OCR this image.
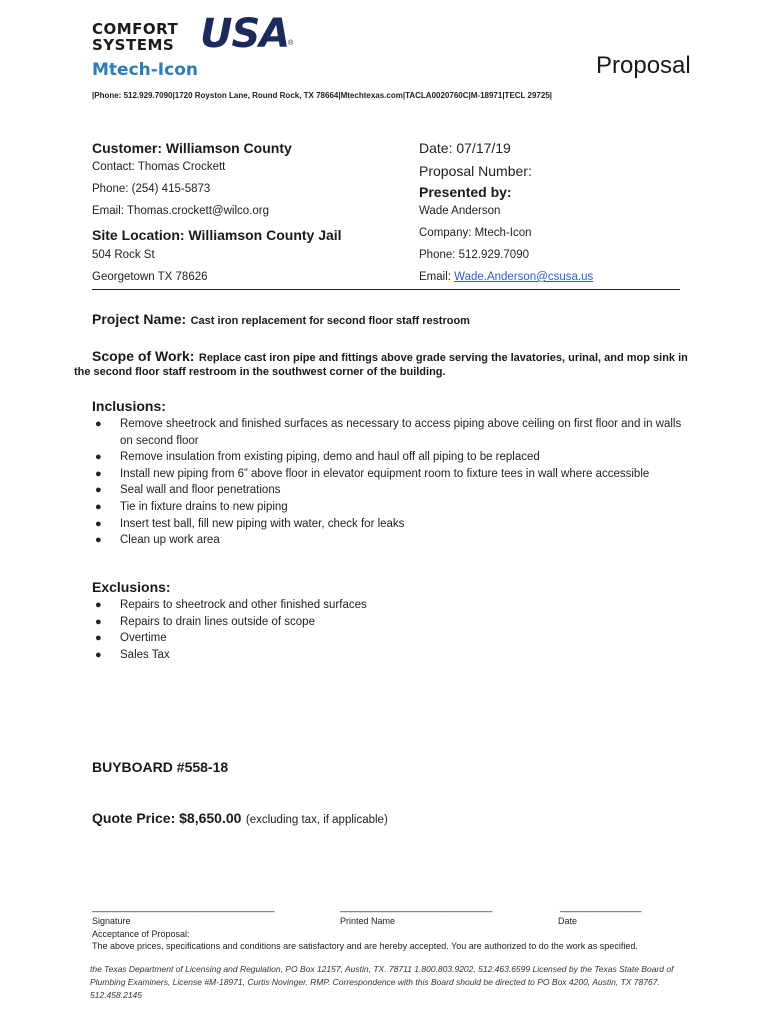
COMFORT
SYSTEMS USA
®
Mtech-Icon	Proposal
|Phone: 512.929.7090|1720 Royston Lane, Round Rock, TX 78664|Mtechtexas.com|TACLA0020760C|M-18971|TECL 29725|
Customer: Williamson County
Contact: Thomas Crockett
Phone: (254) 415-5873
Email: Thomas.crockett@wilco.org
Site Location: Williamson County Jail
504 Rock St
Georgetown TX 78626
Date: 07/17/19
Proposal Number:
Presented by:
Wade Anderson
Company: Mtech-Icon
Phone: 512.929.7090
Email: Wade.Anderson@csusa.us
Project Name: Cast iron replacement for second floor staff restroom
Scope of Work: Replace cast iron pipe and fittings above grade serving the lavatories, urinal, and mop sink in
the second floor staff restroom in the southwest corner of the building.
Inclusions:
● Remove sheetrock and finished surfaces as necessary to access piping above ceiling on first floor and in walls
on second floor
● Remove insulation from existing piping, demo and haul off all piping to be replaced
● Install new piping from 6” above floor in elevator equipment room to fixture tees in wall where accessible
● Seal wall and floor penetrations
● Tie in fixture drains to new piping
● Insert test ball, fill new piping with water, check for leaks
● Clean up work area
Exclusions:
● Repairs to sheetrock and other finished surfaces
● Repairs to drain lines outside of scope
● Overtime
● Sales Tax
BUYBOARD #558-18
Quote Price: $8,650.00 (excluding tax, if applicable)
____________________________________	______________________________	________________
Signature	Printed Name	Date
Acceptance of Proposal:
The above prices, specifications and conditions are satisfactory and are hereby accepted. You are authorized to do the work as specified.
the Texas Department of Licensing and Regulation, PO Box 12157, Austin, TX. 78711 1.800.803.9202, 512.463.6599 Licensed by the Texas State Board of
Plumbing Examiners, License #M-18971, Curtis Novinger, RMP. Correspondence with this Board should be directed to PO Box 4200, Austin, TX 78767.
512.458.2145
